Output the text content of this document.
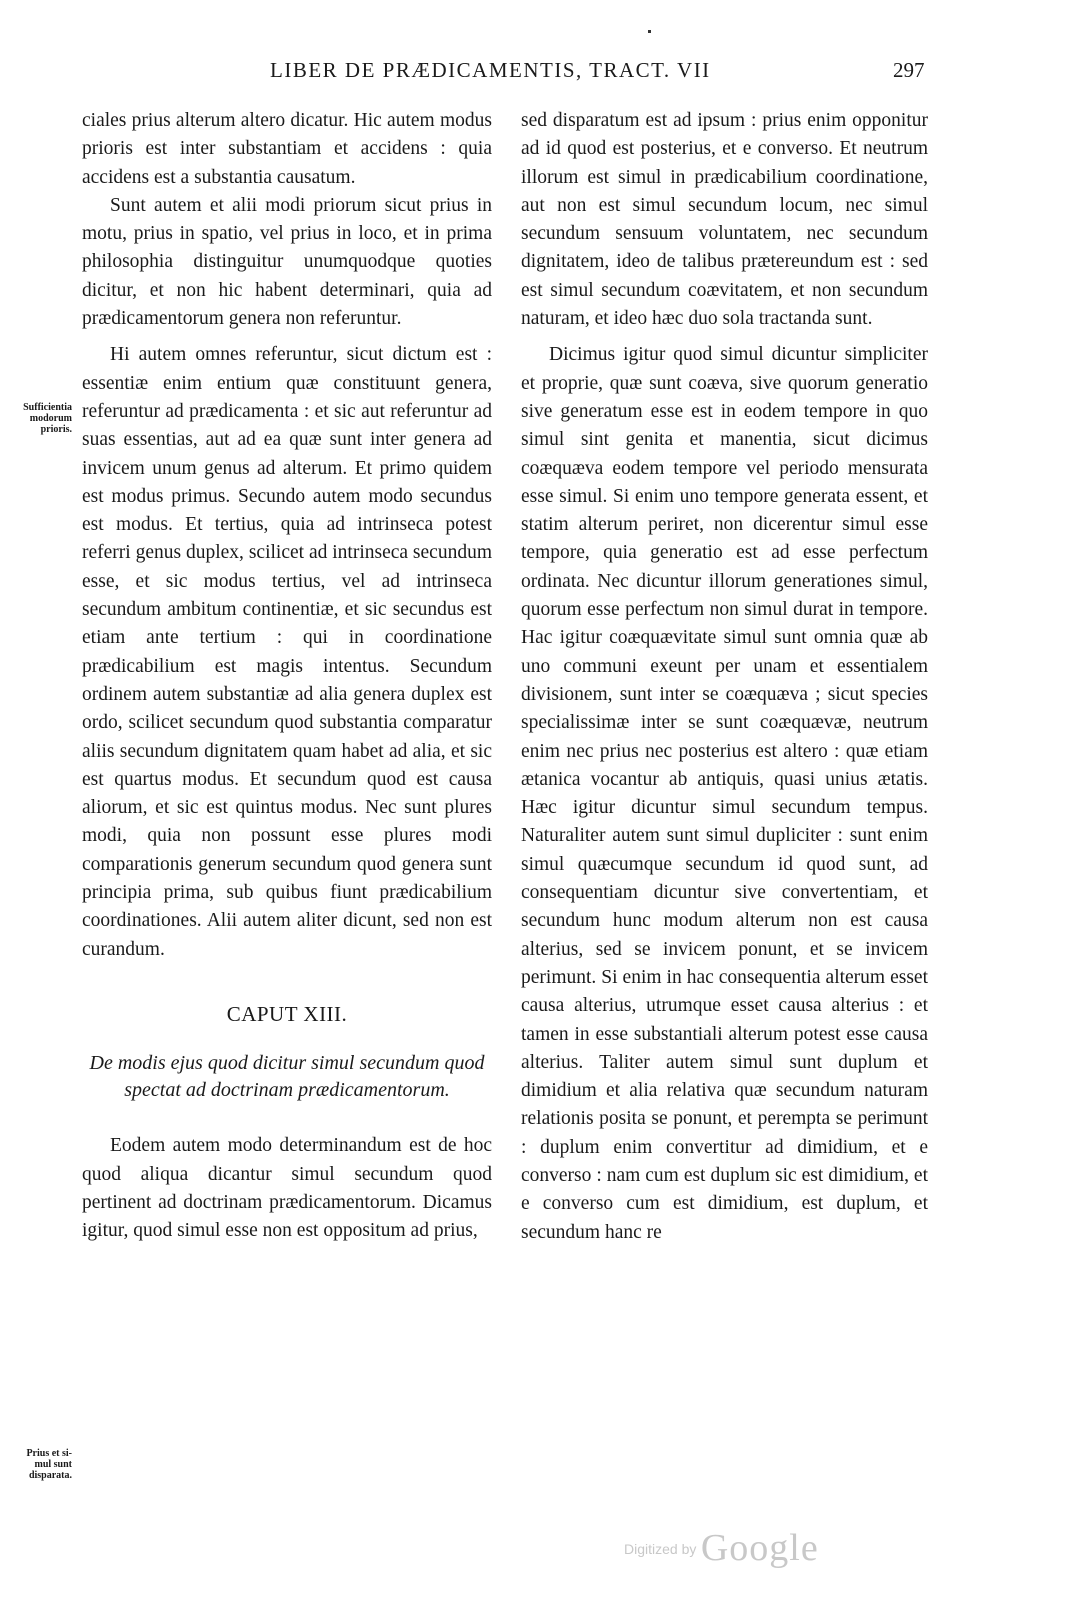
LIBER DE PRÆDICAMENTIS, TRACT. VII	297
Sufficientia
modorum
prioris.
Prius et si-
mul sunt
disparata.

ciales prius alterum altero dicatur. Hic autem modus prioris est inter substantiam et accidens : quia accidens est a substantia causatum.

Sunt autem et alii modi priorum sicut prius in motu, prius in spatio, vel prius in loco, et in prima philosophia distinguitur unumquodque quoties dicitur, et non hic habent determinari, quia ad prædicamentorum genera non referuntur.

Hi autem omnes referuntur, sicut dictum est : essentiæ enim entium quæ constituunt genera, referuntur ad prædicamenta : et sic aut referuntur ad suas essentias, aut ad ea quæ sunt inter genera ad invicem unum genus ad alterum. Et primo quidem est modus primus. Secundo autem modo secundus est modus. Et tertius, quia ad intrinseca potest referri genus duplex, scilicet ad intrinseca secundum esse, et sic modus tertius, vel ad intrinseca secundum ambitum continentiæ, et sic secundus est etiam ante tertium : qui in coordinatione prædicabilium est magis intentus. Secundum ordinem autem substantiæ ad alia genera duplex est ordo, scilicet secundum quod substantia comparatur aliis secundum dignitatem quam habet ad alia, et sic est quartus modus. Et secundum quod est causa aliorum, et sic est quintus modus. Nec sunt plures modi, quia non possunt esse plures modi comparationis generum secundum quod genera sunt principia prima, sub quibus fiunt prædicabilium coordinationes. Alii autem aliter dicunt, sed non est curandum.

CAPUT XIII.

De modis ejus quod dicitur simul secundum quod spectat ad doctrinam prædicamentorum.

Eodem autem modo determinandum est de hoc quod aliqua dicantur simul secundum quod pertinent ad doctrinam prædicamentorum. Dicamus igitur, quod simul esse non est oppositum ad prius,

sed disparatum est ad ipsum : prius enim opponitur ad id quod est posterius, et e converso. Et neutrum illorum est simul in prædicabilium coordinatione, aut non est simul secundum locum, nec simul secundum sensuum voluntatem, nec secundum dignitatem, ideo de talibus prætereundum est : sed est simul secundum coævitatem, et non secundum naturam, et ideo hæc duo sola tractanda sunt.

Dicimus igitur quod simul dicuntur simpliciter et proprie, quæ sunt coæva, sive quorum generatio sive generatum esse est in eodem tempore in quo simul sint genita et manentia, sicut dicimus coæquæva eodem tempore vel periodo mensurata esse simul. Si enim uno tempore generata essent, et statim alterum periret, non dicerentur simul esse tempore, quia generatio est ad esse perfectum ordinata. Nec dicuntur illorum generationes simul, quorum esse perfectum non simul durat in tempore. Hac igitur coæquævitate simul sunt omnia quæ ab uno communi exeunt per unam et essentialem divisionem, sunt inter se coæquæva ; sicut species specialissimæ inter se sunt coæquævæ, neutrum enim nec prius nec posterius est altero : quæ etiam ætanica vocantur ab antiquis, quasi unius ætatis. Hæc igitur dicuntur simul secundum tempus. Naturaliter autem sunt simul dupliciter : sunt enim simul quæcumque secundum id quod sunt, ad consequentiam dicuntur sive convertentiam, et secundum hunc modum alterum non est causa alterius, sed se invicem ponunt, et se invicem perimunt. Si enim in hac consequentia alterum esset causa alterius, utrumque esset causa alterius : et tamen in esse substantiali alterum potest esse causa alterius. Taliter autem simul sunt duplum et dimidium et alia relativa quæ secundum naturam relationis posita se ponunt, et perempta se perimunt : duplum enim convertitur ad dimidium, et e converso : nam cum est duplum sic est dimidium, et e converso cum est dimidium, est duplum, et secundum hanc re

Digitized by Google
